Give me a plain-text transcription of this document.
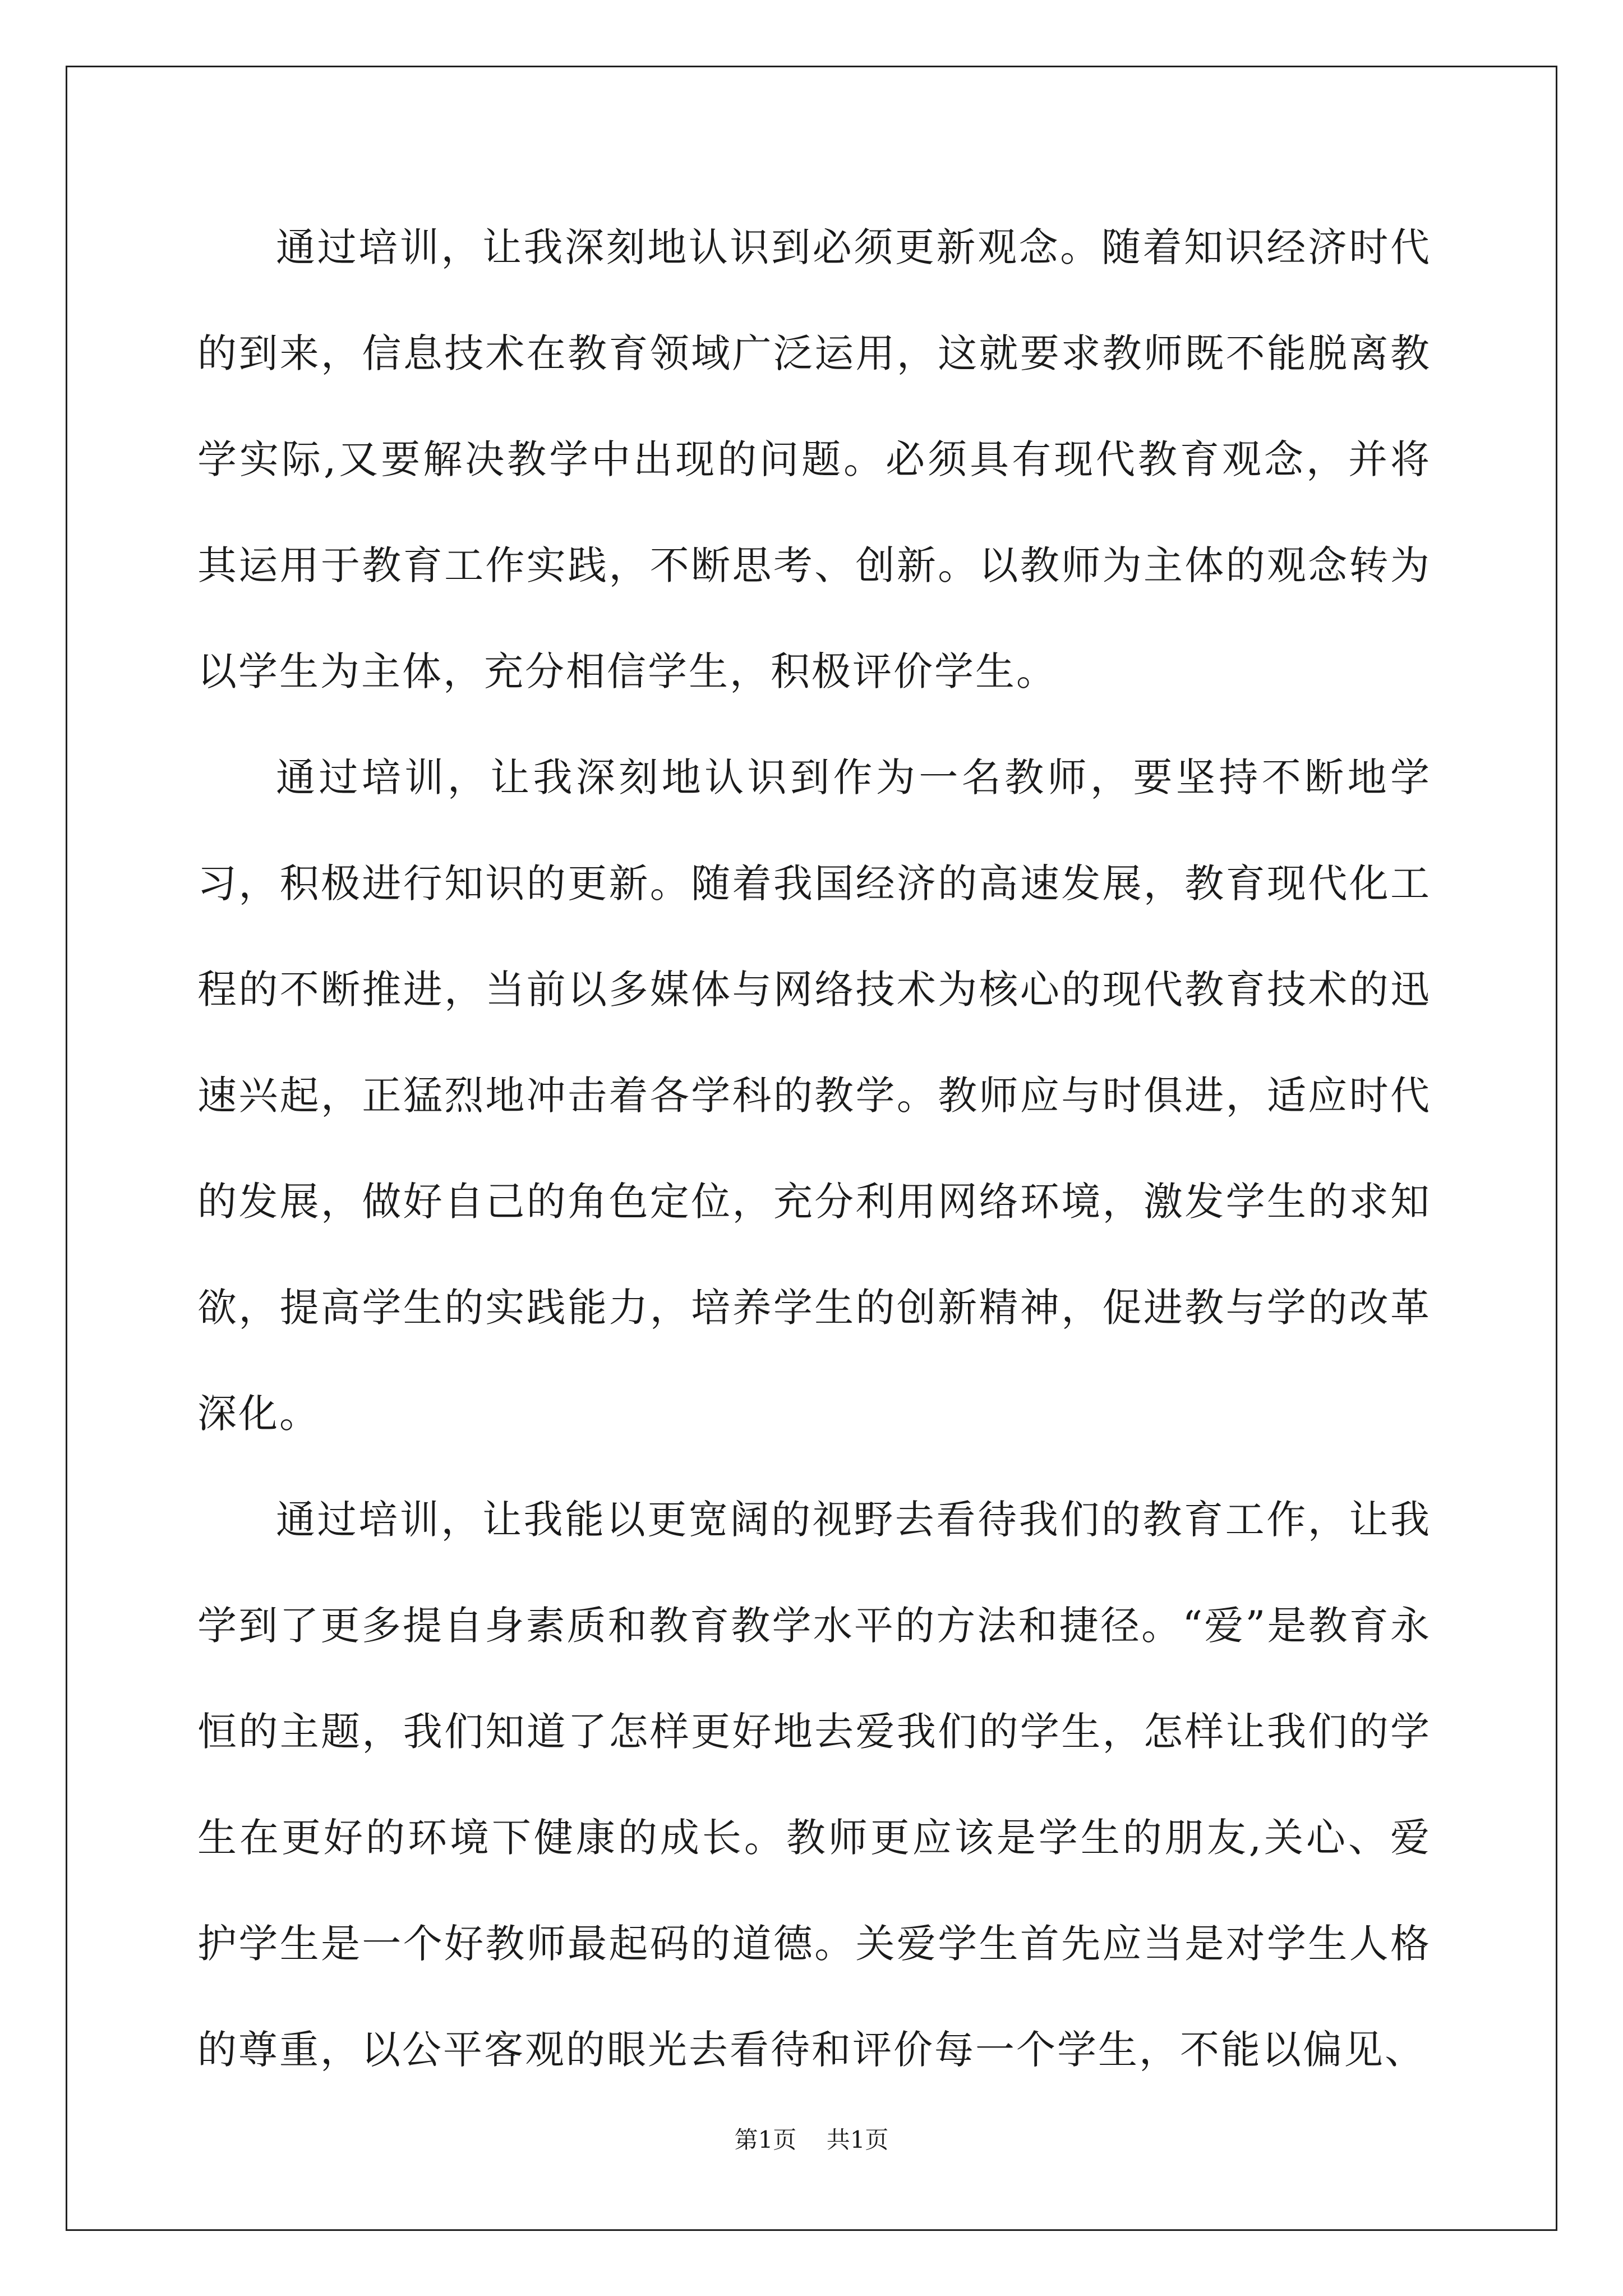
通过培训，让我深刻地认识到必须更新观念。随着知识经济时代的到来，信息技术在教育领域广泛运用，这就要求教师既不能脱离教学实际,又要解决教学中出现的问题。必须具有现代教育观念，并将其运用于教育工作实践，不断思考、创新。以教师为主体的观念转为以学生为主体，充分相信学生，积极评价学生。

通过培训，让我深刻地认识到作为一名教师，要坚持不断地学习，积极进行知识的更新。随着我国经济的高速发展，教育现代化工程的不断推进，当前以多媒体与网络技术为核心的现代教育技术的迅速兴起，正猛烈地冲击着各学科的教学。教师应与时俱进，适应时代的发展，做好自己的角色定位，充分利用网络环境，激发学生的求知欲，提高学生的实践能力，培养学生的创新精神，促进教与学的改革深化。

通过培训，让我能以更宽阔的视野去看待我们的教育工作，让我学到了更多提自身素质和教育教学水平的方法和捷径。“爱”是教育永恒的主题，我们知道了怎样更好地去爱我们的学生，怎样让我们的学生在更好的环境下健康的成长。教师更应该是学生的朋友,关心、爱护学生是一个好教师最起码的道德。关爱学生首先应当是对学生人格的尊重，以公平客观的眼光去看待和评价每一个学生，不能以偏见、

第1页 共1页
